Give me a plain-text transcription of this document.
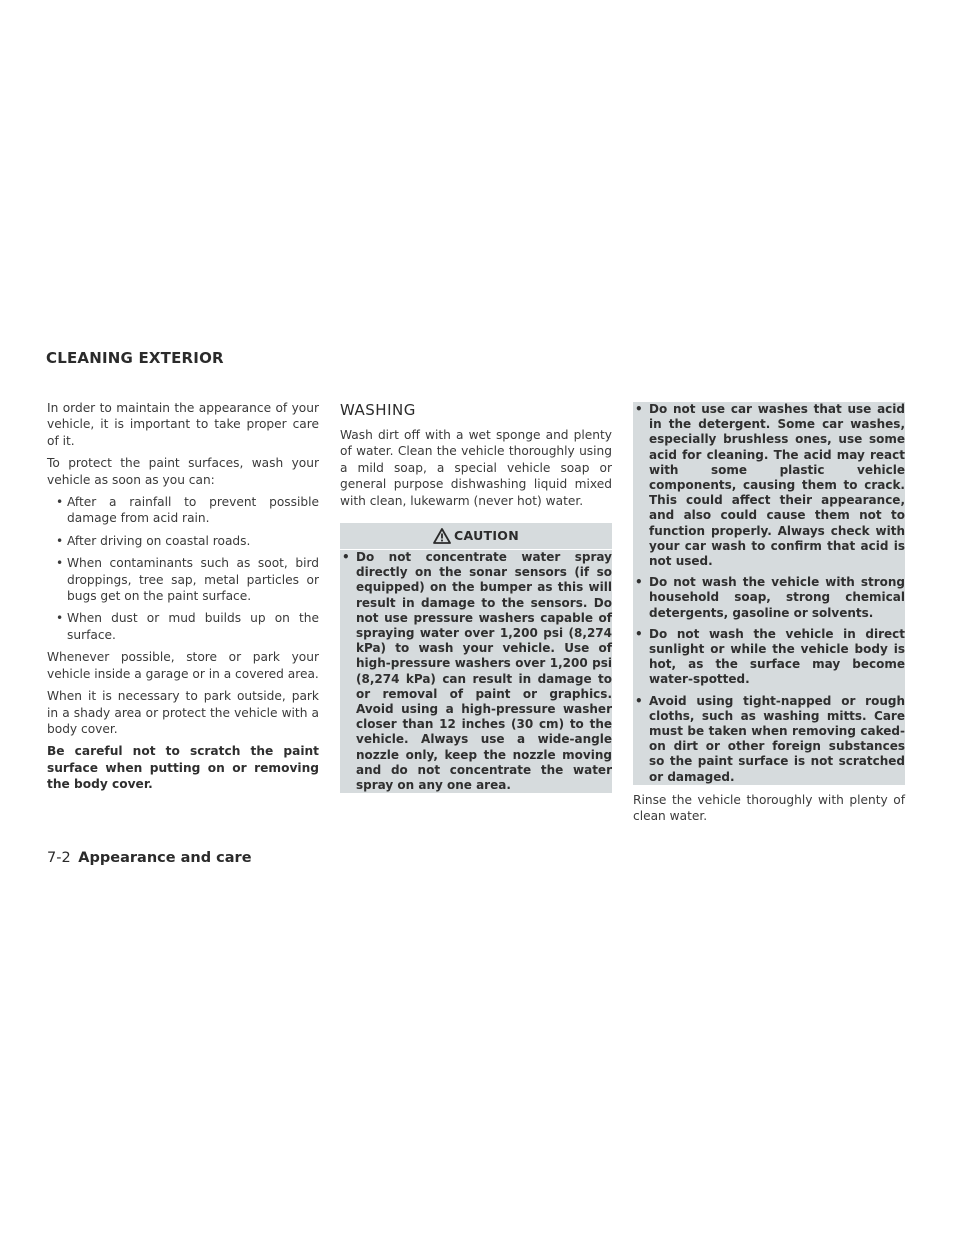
CLEANING EXTERIOR

In order to maintain the appearance of your vehicle, it is important to take proper care of it.

To protect the paint surfaces, wash your vehicle as soon as you can:

• After a rainfall to prevent possible damage from acid rain.
• After driving on coastal roads.
• When contaminants such as soot, bird droppings, tree sap, metal particles or bugs get on the paint surface.
• When dust or mud builds up on the surface.

Whenever possible, store or park your vehicle inside a garage or in a covered area.

When it is necessary to park outside, park in a shady area or protect the vehicle with a body cover.

Be careful not to scratch the paint surface when putting on or removing the body cover.

WASHING

Wash dirt off with a wet sponge and plenty of water. Clean the vehicle thoroughly using a mild soap, a special vehicle soap or general purpose dishwashing liquid mixed with clean, lukewarm (never hot) water.

CAUTION
• Do not concentrate water spray directly on the sonar sensors (if so equipped) on the bumper as this will result in damage to the sensors. Do not use pressure washers capable of spraying water over 1,200 psi (8,274 kPa) to wash your vehicle. Use of high-pressure washers over 1,200 psi (8,274 kPa) can result in damage to or removal of paint or graphics. Avoid using a high-pressure washer closer than 12 inches (30 cm) to the vehicle. Always use a wide-angle nozzle only, keep the nozzle moving and do not concentrate the water spray on any one area.
• Do not use car washes that use acid in the detergent. Some car washes, especially brushless ones, use some acid for cleaning. The acid may react with some plastic vehicle components, causing them to crack. This could affect their appearance, and also could cause them not to function properly. Always check with your car wash to confirm that acid is not used.
• Do not wash the vehicle with strong household soap, strong chemical detergents, gasoline or solvents.
• Do not wash the vehicle in direct sunlight or while the vehicle body is hot, as the surface may become water-spotted.
• Avoid using tight-napped or rough cloths, such as washing mitts. Care must be taken when removing caked-on dirt or other foreign substances so the paint surface is not scratched or damaged.

Rinse the vehicle thoroughly with plenty of clean water.

7-2 Appearance and care
